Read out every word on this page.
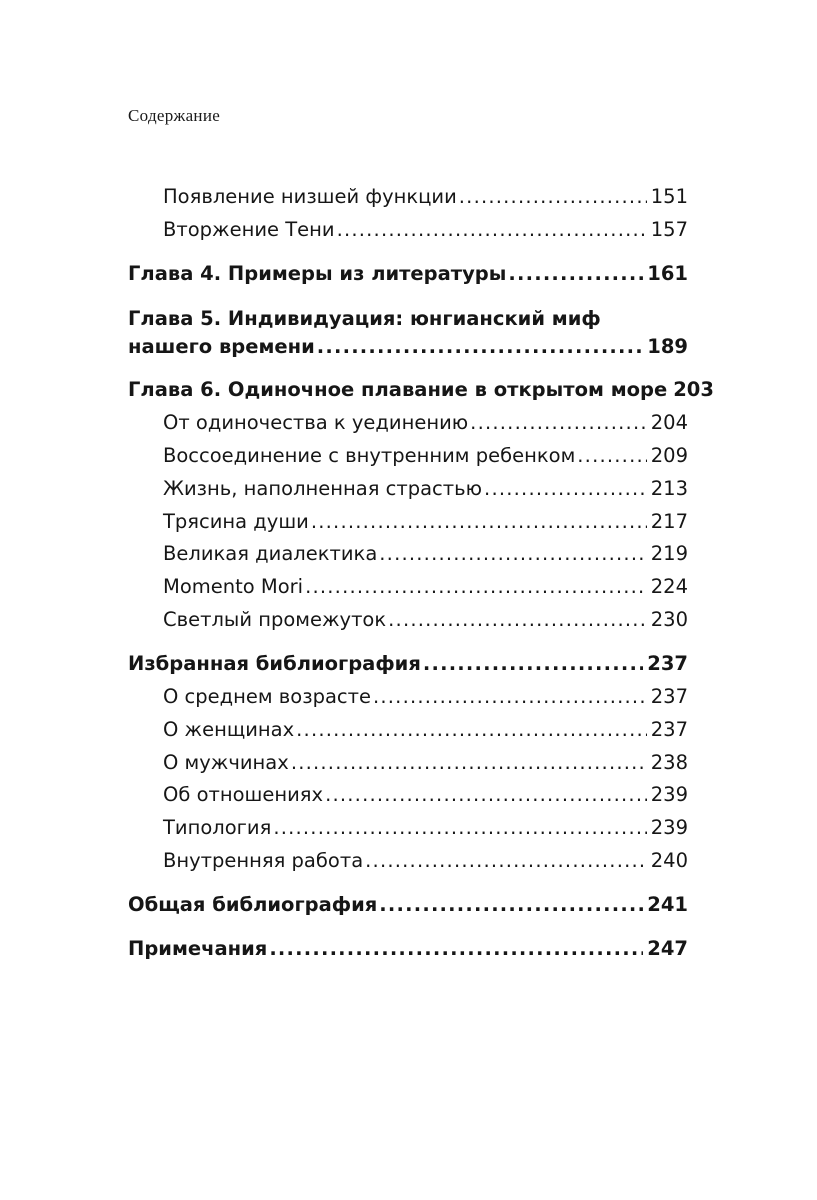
Содержание
Появление низшей функции .....	151
Вторжение Тени .....	157
Глава 4. Примеры из литературы .....	161
Глава 5. Индивидуация: юнгианский миф
нашего времени .....	189
Глава 6. Одиночное плавание в открытом море 203
От одиночества к уединению .....	204
Воссоединение с внутренним ребенком .....	209
Жизнь, наполненная страстью .....	213
Трясина души .....	217
Великая диалектика .....	219
Momento Mori .....	224
Светлый промежуток .....	230
Избранная библиография .....	237
О среднем возрасте .....	237
О женщинах .....	237
О мужчинах .....	238
Об отношениях .....	239
Типология .....	239
Внутренняя работа .....	240
Общая библиография .....	241
Примечания .....	247
